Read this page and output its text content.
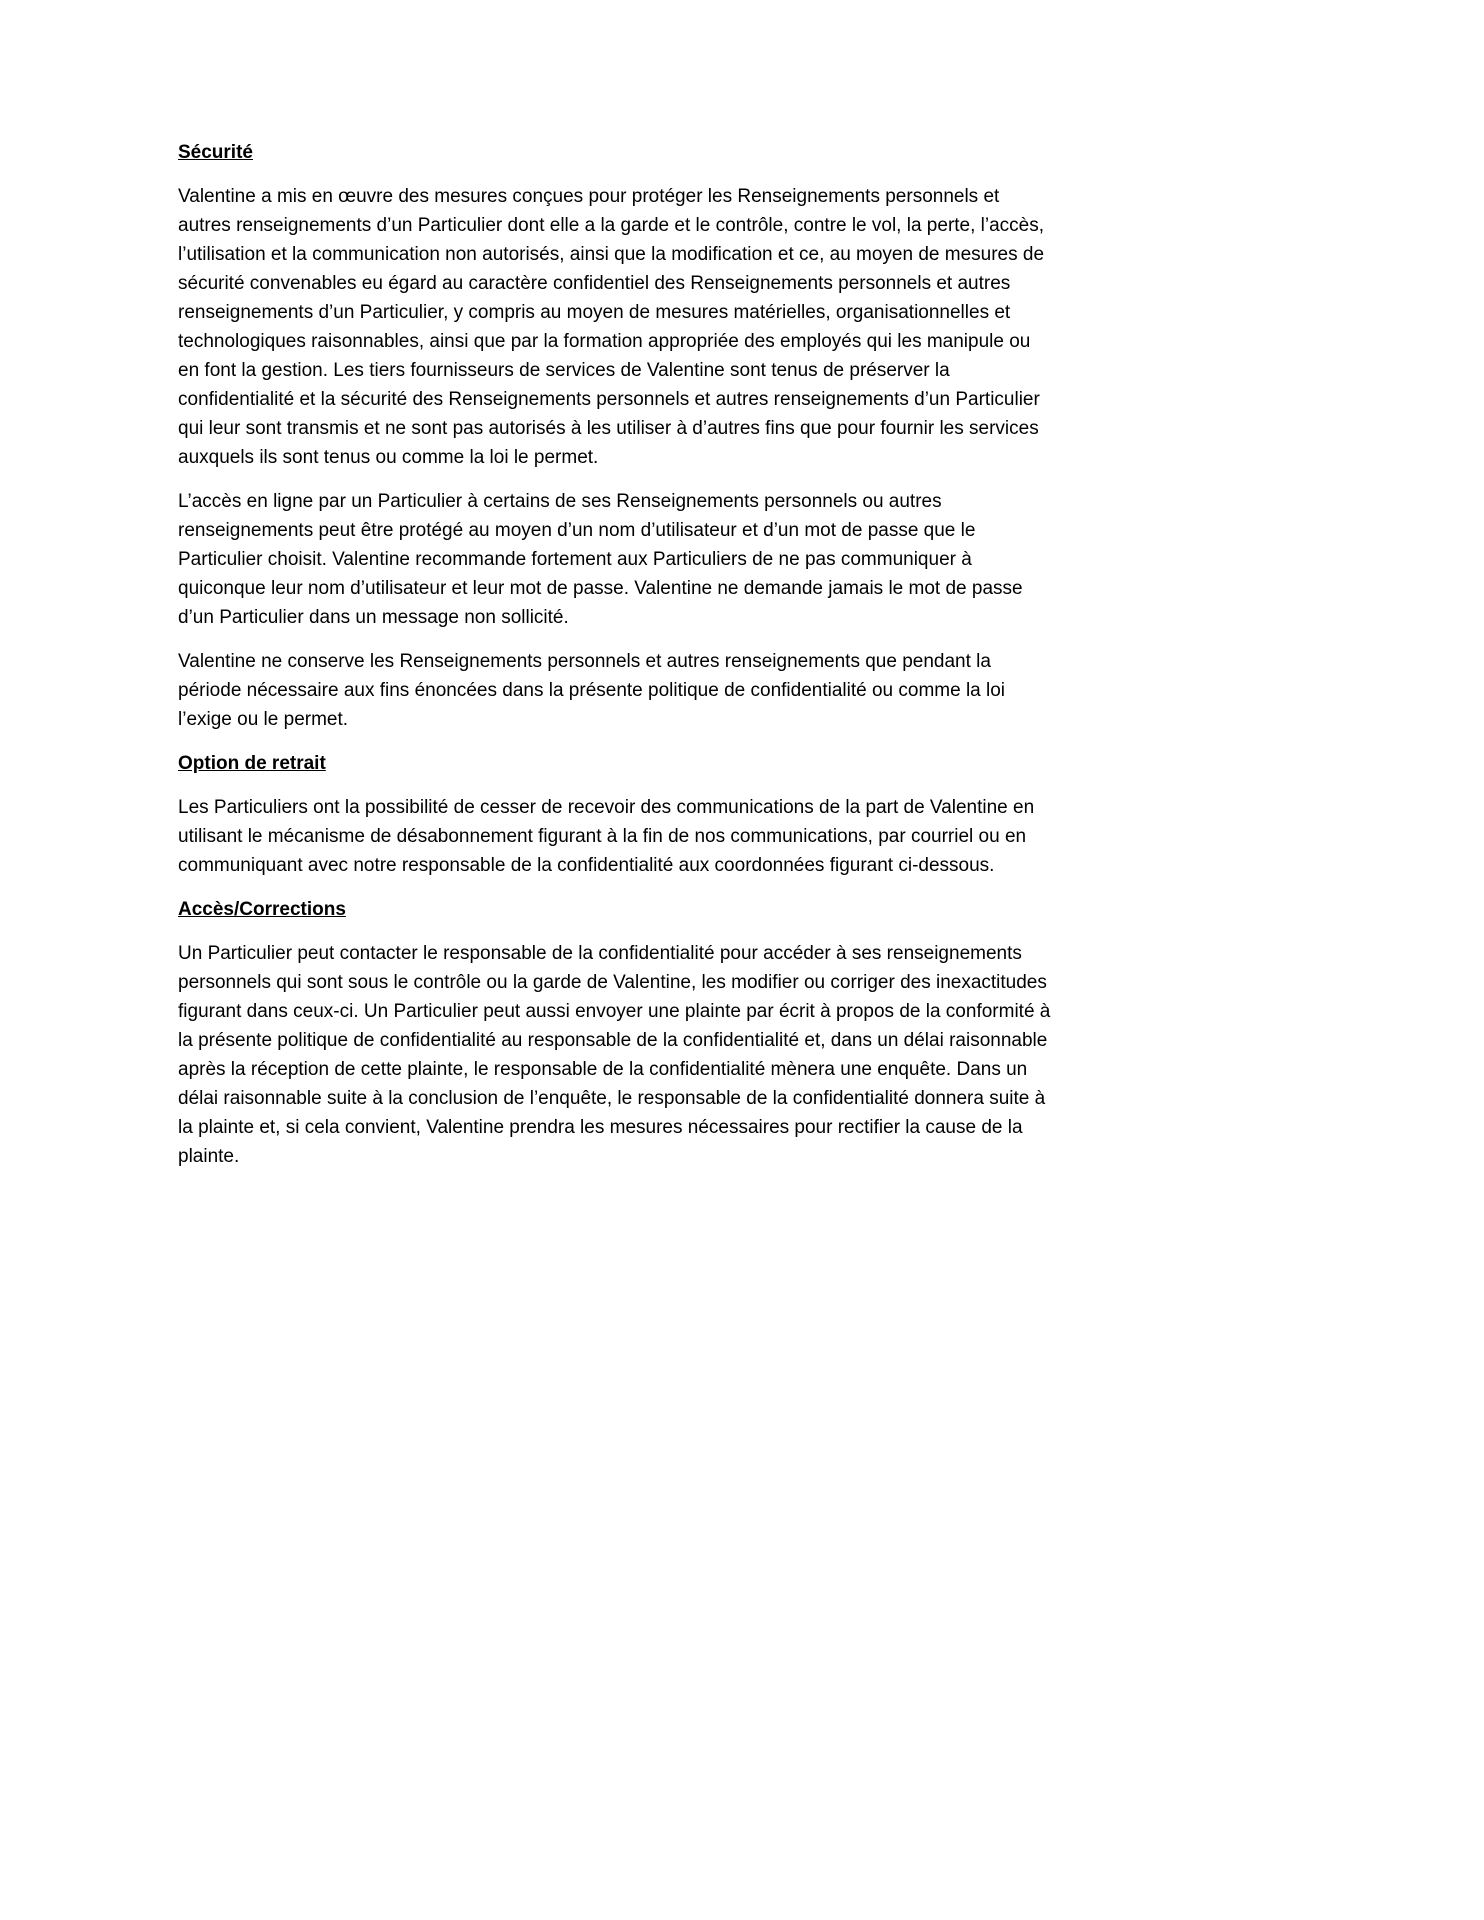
Sécurité

Valentine a mis en œuvre des mesures conçues pour protéger les Renseignements personnels et autres renseignements d’un Particulier dont elle a la garde et le contrôle, contre le vol, la perte, l’accès, l’utilisation et la communication non autorisés, ainsi que la modification et ce, au moyen de mesures de sécurité convenables eu égard au caractère confidentiel des Renseignements personnels et autres renseignements d’un Particulier, y compris au moyen de mesures matérielles, organisationnelles et technologiques raisonnables, ainsi que par la formation appropriée des employés qui les manipule ou en font la gestion. Les tiers fournisseurs de services de Valentine sont tenus de préserver la confidentialité et la sécurité des Renseignements personnels et autres renseignements d’un Particulier qui leur sont transmis et ne sont pas autorisés à les utiliser à d’autres fins que pour fournir les services auxquels ils sont tenus ou comme la loi le permet.

L’accès en ligne par un Particulier à certains de ses Renseignements personnels ou autres renseignements peut être protégé au moyen d’un nom d’utilisateur et d’un mot de passe que le Particulier choisit. Valentine recommande fortement aux Particuliers de ne pas communiquer à quiconque leur nom d’utilisateur et leur mot de passe. Valentine ne demande jamais le mot de passe d’un Particulier dans un message non sollicité.

Valentine ne conserve les Renseignements personnels et autres renseignements que pendant la période nécessaire aux fins énoncées dans la présente politique de confidentialité ou comme la loi l’exige ou le permet.

Option de retrait

Les Particuliers ont la possibilité de cesser de recevoir des communications de la part de Valentine en utilisant le mécanisme de désabonnement figurant à la fin de nos communications, par courriel ou en communiquant avec notre responsable de la confidentialité aux coordonnées figurant ci-dessous.

Accès/Corrections

Un Particulier peut contacter le responsable de la confidentialité pour accéder à ses renseignements personnels qui sont sous le contrôle ou la garde de Valentine, les modifier ou corriger des inexactitudes figurant dans ceux-ci. Un Particulier peut aussi envoyer une plainte par écrit à propos de la conformité à la présente politique de confidentialité au responsable de la confidentialité et, dans un délai raisonnable après la réception de cette plainte, le responsable de la confidentialité mènera une enquête. Dans un délai raisonnable suite à la conclusion de l’enquête, le responsable de la confidentialité donnera suite à la plainte et, si cela convient, Valentine prendra les mesures nécessaires pour rectifier la cause de la plainte.
